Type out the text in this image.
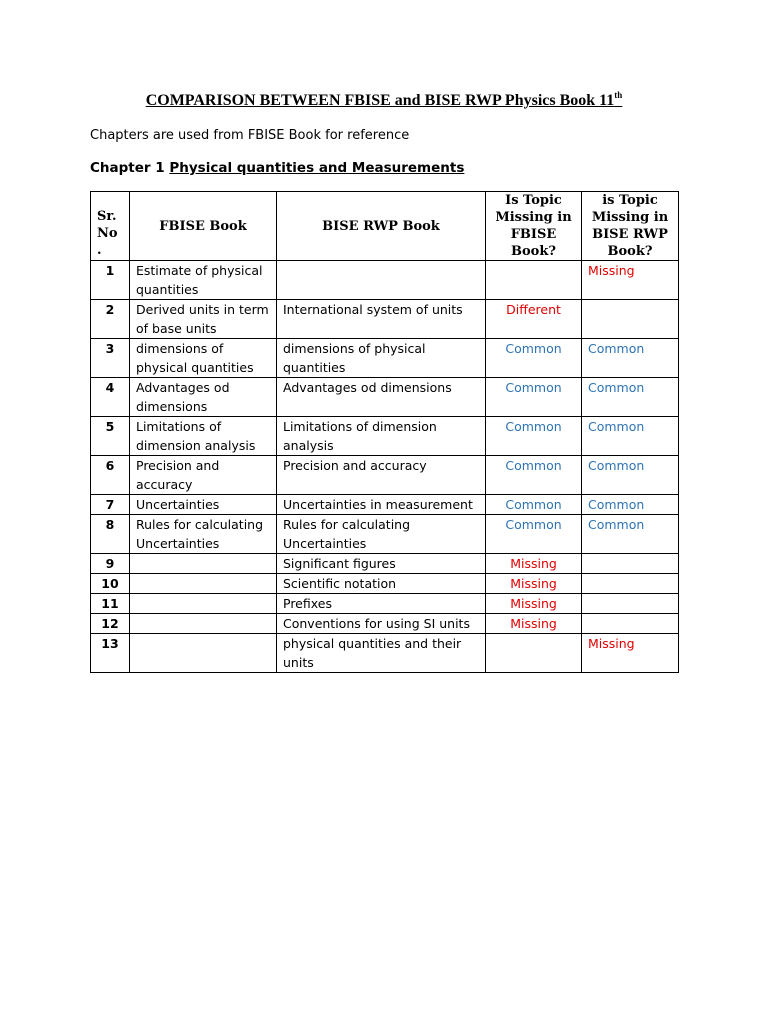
COMPARISON BETWEEN FBISE and BISE RWP Physics Book 11th
Chapters are used from FBISE Book for reference
Chapter 1 Physical quantities and Measurements
Sr. No .	FBISE Book	BISE RWP Book	Is Topic Missing in FBISE Book?	is Topic Missing in BISE RWP Book?
1	Estimate of physical quantities			Missing
2	Derived units in term of base units	International system of units	Different	
3	dimensions of physical quantities	dimensions of physical quantities	Common	Common
4	Advantages od dimensions	Advantages od dimensions	Common	Common
5	Limitations of dimension analysis	Limitations of dimension analysis	Common	Common
6	Precision and accuracy	Precision and accuracy	Common	Common
7	Uncertainties	Uncertainties in measurement	Common	Common
8	Rules for calculating Uncertainties	Rules for calculating Uncertainties	Common	Common
9		Significant figures	Missing	
10		Scientific notation	Missing	
11		Prefixes	Missing	
12		Conventions for using SI units	Missing	
13		physical quantities and their units		Missing
